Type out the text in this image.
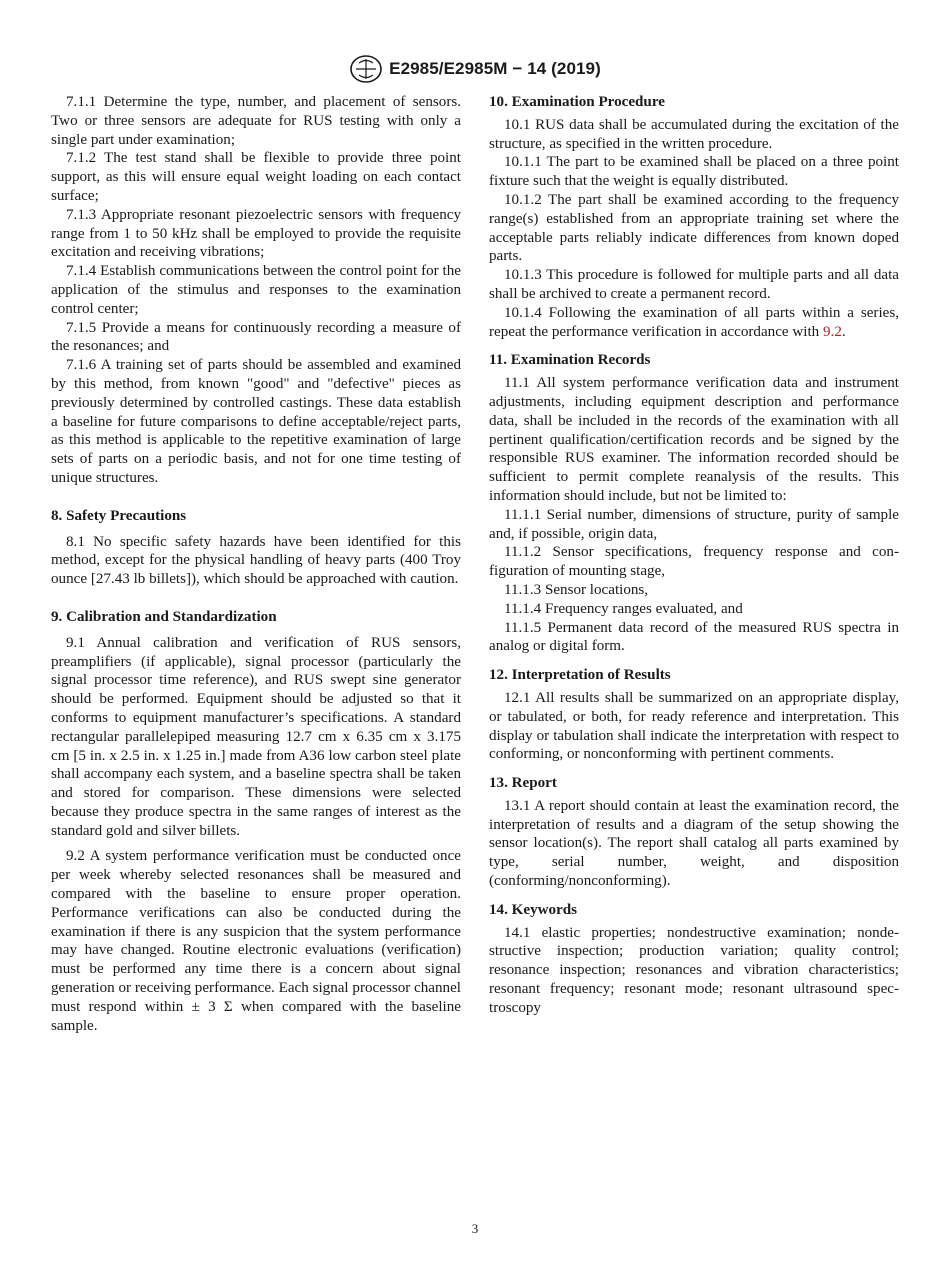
E2985/E2985M − 14 (2019)

7.1.1 Determine the type, number, and placement of sensors. Two or three sensors are adequate for RUS testing with only a single part under examination;

7.1.2 The test stand shall be flexible to provide three point support, as this will ensure equal weight loading on each contact surface;

7.1.3 Appropriate resonant piezoelectric sensors with frequency range from 1 to 50 kHz shall be employed to provide the requisite excitation and receiving vibrations;

7.1.4 Establish communications between the control point for the application of the stimulus and responses to the examination control center;

7.1.5 Provide a means for continuously recording a measure of the resonances; and

7.1.6 A training set of parts should be assembled and examined by this method, from known "good" and "defective" pieces as previously determined by controlled castings. These data establish a baseline for future comparisons to define acceptable/reject parts, as this method is applicable to the repetitive examination of large sets of parts on a periodic basis, and not for one time testing of unique structures.

8. Safety Precautions

8.1 No specific safety hazards have been identified for this method, except for the physical handling of heavy parts (400 Troy ounce [27.43 lb billets]), which should be approached with caution.

9. Calibration and Standardization

9.1 Annual calibration and verification of RUS sensors, preamplifiers (if applicable), signal processor (particularly the signal processor time reference), and RUS swept sine generator should be performed. Equipment should be adjusted so that it conforms to equipment manufacturer’s specifications. A standard rectangular parallelepiped measuring 12.7 cm x 6.35 cm x 3.175 cm [5 in. x 2.5 in. x 1.25 in.] made from A36 low carbon steel plate shall accompany each system, and a baseline spectra shall be taken and stored for comparison. These dimensions were selected because they produce spectra in the same ranges of interest as the standard gold and silver billets.

9.2 A system performance verification must be conducted once per week whereby selected resonances shall be measured and compared with the baseline to ensure proper operation. Performance verifications can also be conducted during the examination if there is any suspicion that the system performance may have changed. Routine electronic evaluations (verification) must be performed any time there is a concern about signal generation or receiving performance. Each signal processor channel must respond within ± 3 Σ when compared with the baseline sample.

10. Examination Procedure

10.1 RUS data shall be accumulated during the excitation of the structure, as specified in the written procedure.

10.1.1 The part to be examined shall be placed on a three point fixture such that the weight is equally distributed.

10.1.2 The part shall be examined according to the frequency range(s) established from an appropriate training set where the acceptable parts reliably indicate differences from known doped parts.

10.1.3 This procedure is followed for multiple parts and all data shall be archived to create a permanent record.

10.1.4 Following the examination of all parts within a series, repeat the performance verification in accordance with 9.2.

11. Examination Records

11.1 All system performance verification data and instrument adjustments, including equipment description and performance data, shall be included in the records of the examination with all pertinent qualification/certification records and be signed by the responsible RUS examiner. The information recorded should be sufficient to permit complete reanalysis of the results. This information should include, but not be limited to:

11.1.1 Serial number, dimensions of structure, purity of sample and, if possible, origin data,

11.1.2 Sensor specifications, frequency response and configuration of mounting stage,

11.1.3 Sensor locations,

11.1.4 Frequency ranges evaluated, and

11.1.5 Permanent data record of the measured RUS spectra in analog or digital form.

12. Interpretation of Results

12.1 All results shall be summarized on an appropriate display, or tabulated, or both, for ready reference and interpretation. This display or tabulation shall indicate the interpretation with respect to conforming, or nonconforming with pertinent comments.

13. Report

13.1 A report should contain at least the examination record, the interpretation of results and a diagram of the setup showing the sensor location(s). The report shall catalog all parts examined by type, serial number, weight, and disposition (conforming/nonconforming).

14. Keywords

14.1 elastic properties; nondestructive examination; nondestructive inspection; production variation; quality control; resonance inspection; resonances and vibration characteristics; resonant frequency; resonant mode; resonant ultrasound spectroscopy

3
